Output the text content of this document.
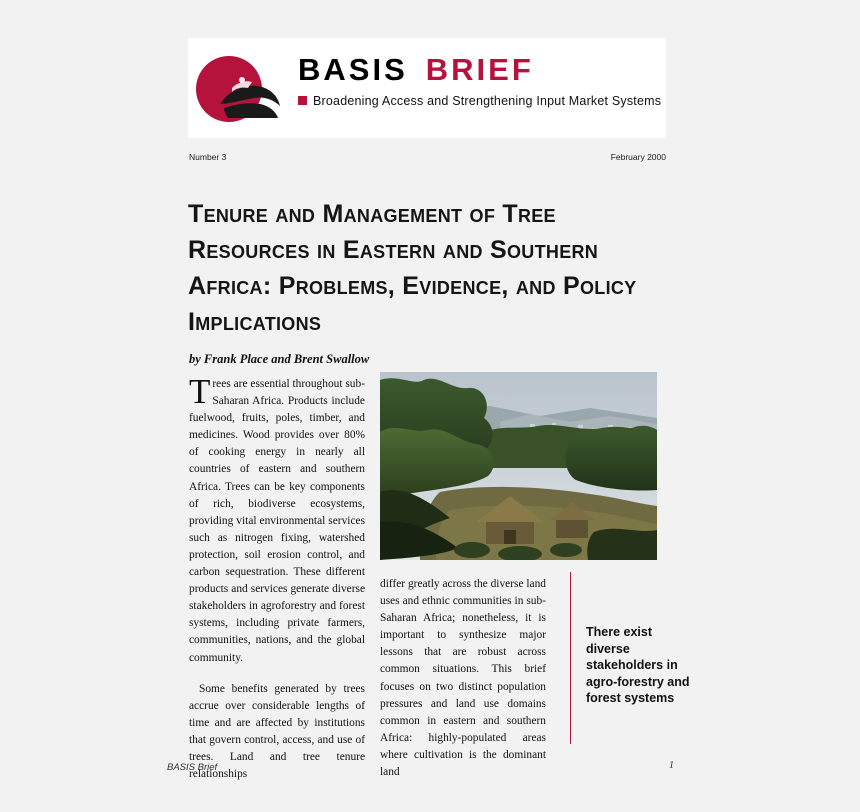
BASIS BRIEF
Broadening Access and Strengthening Input Market Systems
Number 3	February 2000
Tenure and Management of Tree Resources in Eastern and Southern Africa: Problems, Evidence, and Policy Implications
by Frank Place and Brent Swallow

Trees are essential throughout sub-Saharan Africa. Products include fuelwood, fruits, poles, timber, and medicines. Wood provides over 80% of cooking energy in nearly all countries of eastern and southern Africa. Trees can be key components of rich, biodiverse ecosystems, providing vital environmental services such as nitrogen fixing, watershed protection, soil erosion control, and carbon sequestration. These different products and services generate diverse stakeholders in agroforestry and forest systems, including private farmers, communities, nations, and the global community.

Some benefits generated by trees accrue over considerable lengths of time and are affected by institutions that govern control, access, and use of trees. Land and tree tenure relationships

differ greatly across the diverse land uses and ethnic communities in sub-Saharan Africa; nonetheless, it is important to synthesize major lessons that are robust across common situations. This brief focuses on two distinct population pressures and land use domains common in eastern and southern Africa: highly-populated areas where cultivation is the dominant land

There exist diverse stakeholders in agro-forestry and forest systems
BASIS Brief	1
